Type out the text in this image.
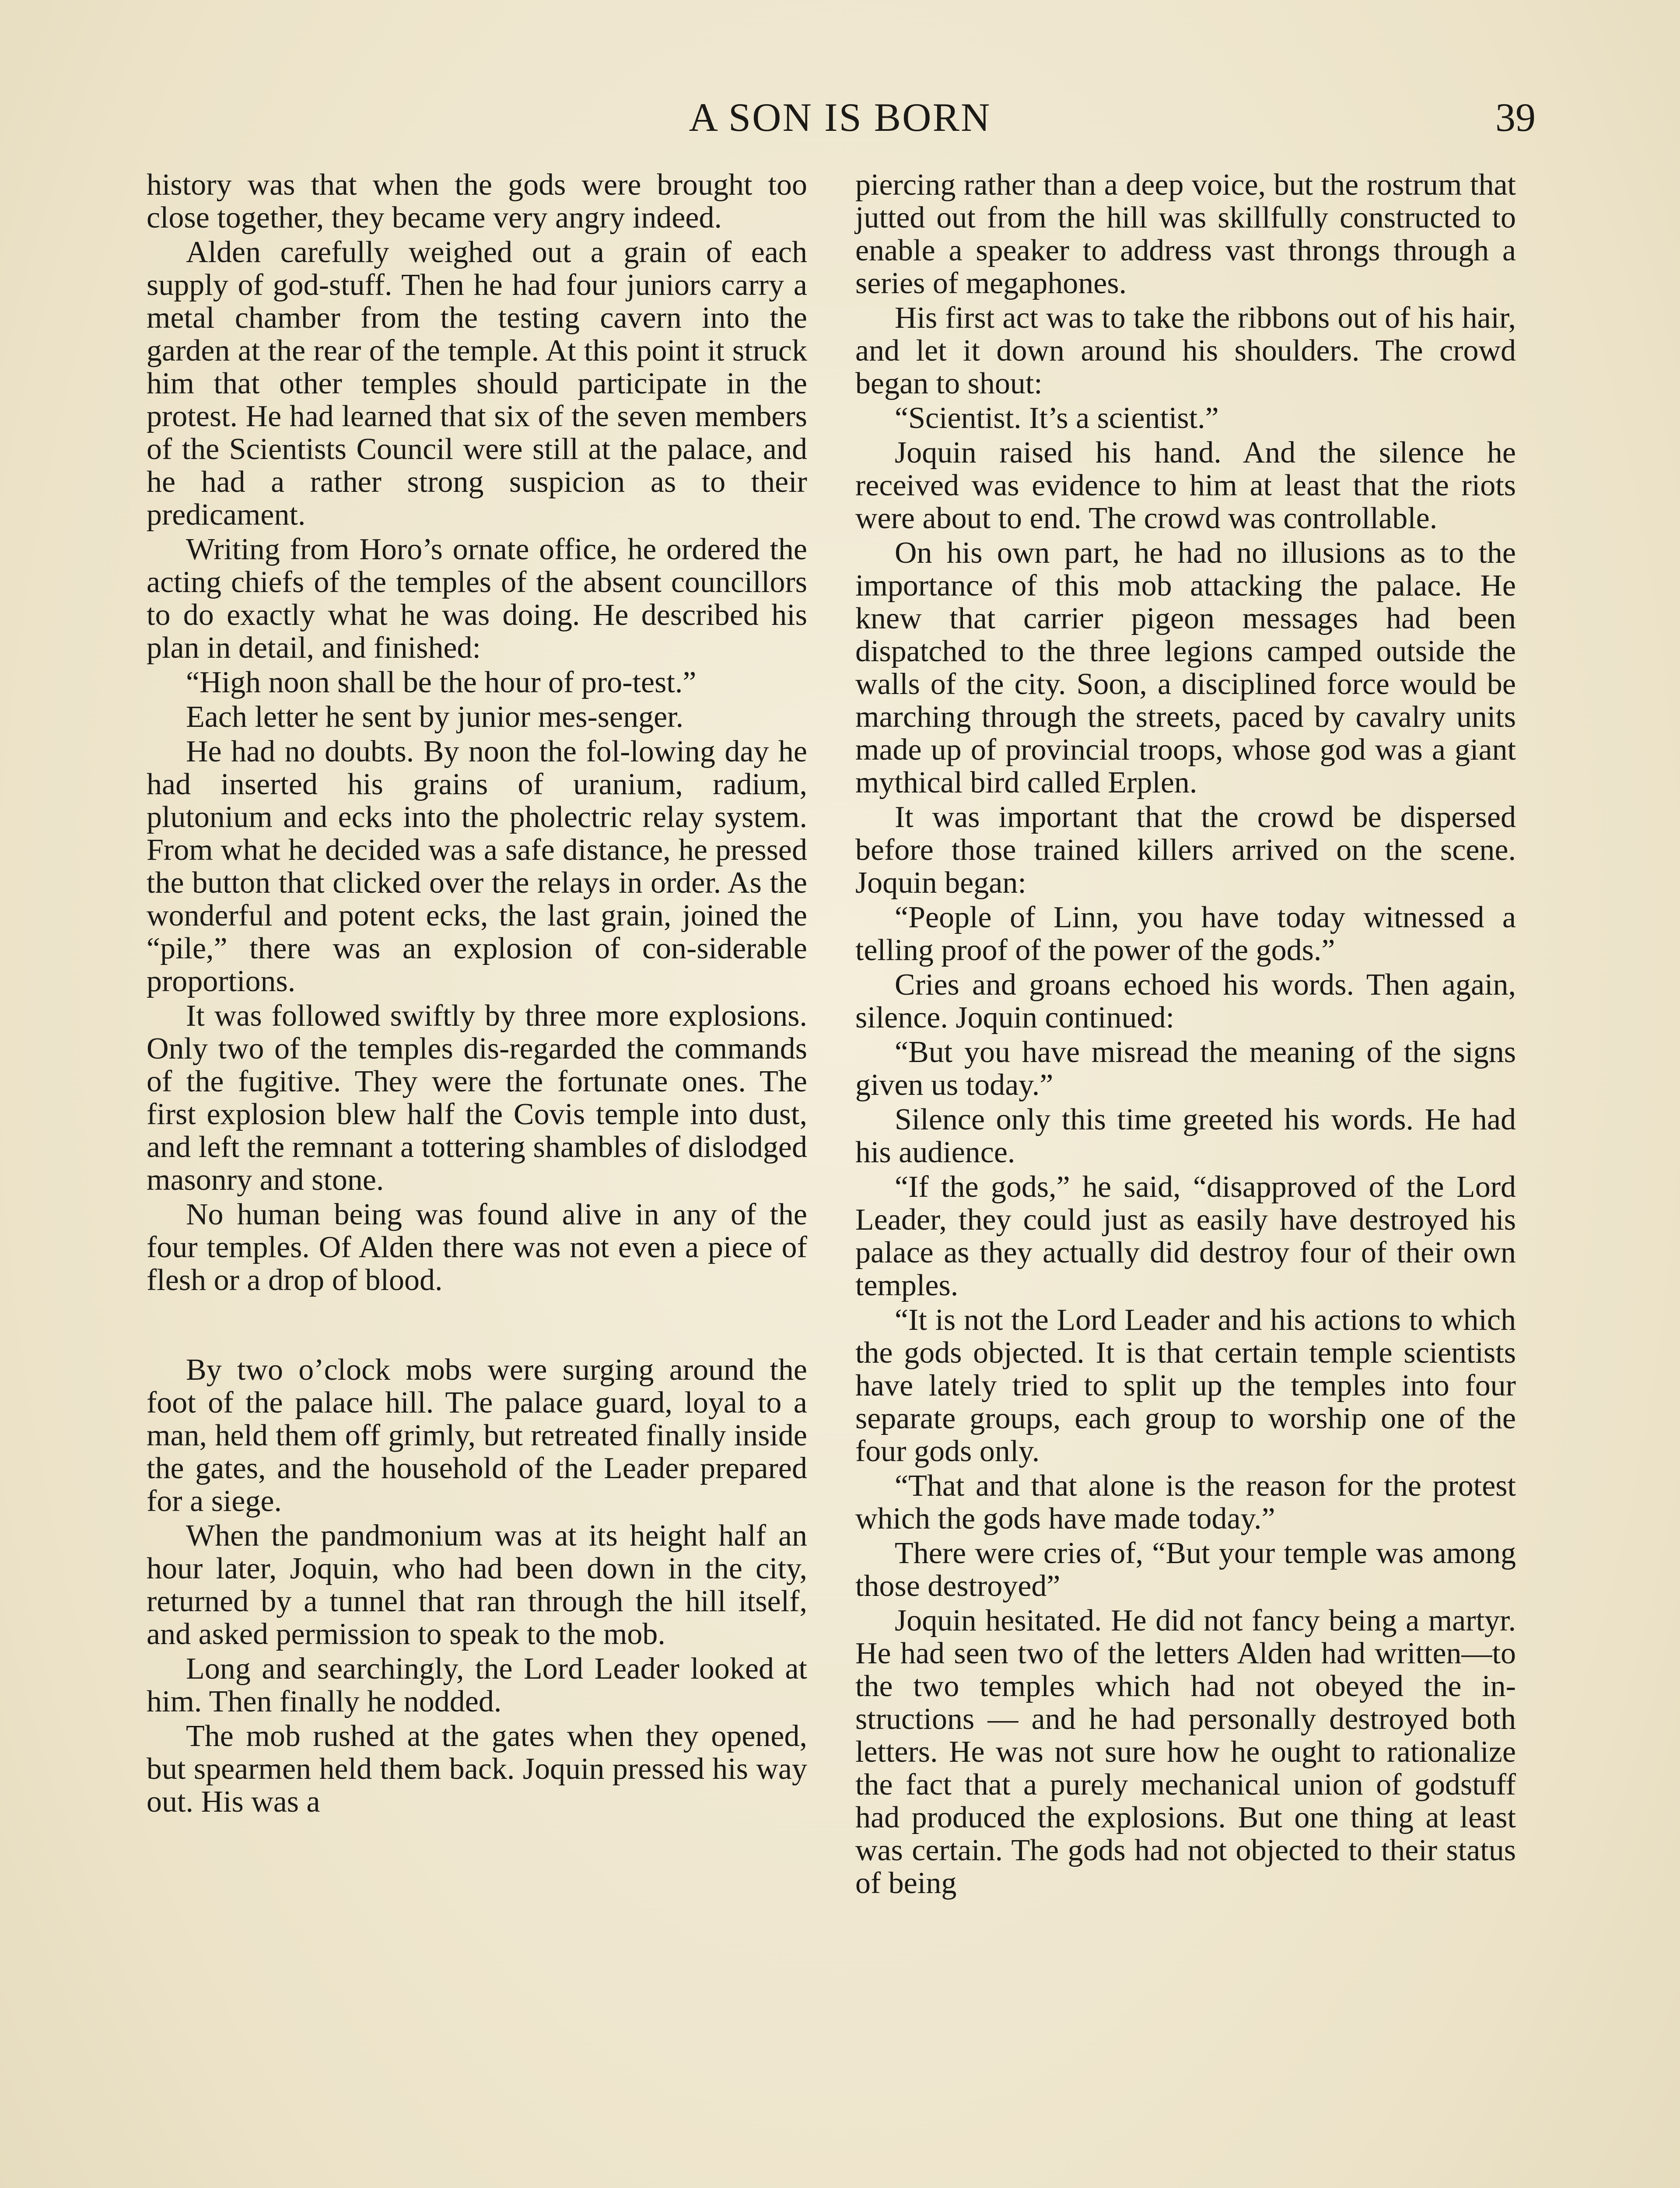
A SON IS BORN	39

history was that when the gods were brought too close together, they became very angry indeed.

Alden carefully weighed out a grain of each supply of god-stuff. Then he had four juniors carry a metal chamber from the testing cavern into the garden at the rear of the temple. At this point it struck him that other temples should participate in the protest. He had learned that six of the seven members of the Scientists Council were still at the palace, and he had a rather strong suspicion as to their predicament.

Writing from Horo’s ornate office, he ordered the acting chiefs of the temples of the absent councillors to do exactly what he was doing. He described his plan in detail, and finished:

“High noon shall be the hour of pro-test.”

Each letter he sent by junior mes-senger.

He had no doubts. By noon the fol-lowing day he had inserted his grains of uranium, radium, plutonium and ecks into the pholectric relay system. From what he decided was a safe distance, he pressed the button that clicked over the relays in order. As the wonderful and potent ecks, the last grain, joined the “pile,” there was an explosion of con-siderable proportions.

It was followed swiftly by three more explosions. Only two of the temples dis-regarded the commands of the fugitive. They were the fortunate ones. The first explosion blew half the Covis temple into dust, and left the remnant a tottering shambles of dislodged masonry and stone.

No human being was found alive in any of the four temples. Of Alden there was not even a piece of flesh or a drop of blood.

By two o’clock mobs were surging around the foot of the palace hill. The palace guard, loyal to a man, held them off grimly, but retreated finally inside the gates, and the household of the Leader prepared for a siege.

When the pandmonium was at its height half an hour later, Joquin, who had been down in the city, returned by a tunnel that ran through the hill itself, and asked permission to speak to the mob.

Long and searchingly, the Lord Leader looked at him. Then finally he nodded.

The mob rushed at the gates when they opened, but spearmen held them back. Joquin pressed his way out. His was a

piercing rather than a deep voice, but the rostrum that jutted out from the hill was skillfully constructed to enable a speaker to address vast throngs through a series of megaphones.

His first act was to take the ribbons out of his hair, and let it down around his shoulders. The crowd began to shout:

“Scientist. It’s a scientist.”

Joquin raised his hand. And the silence he received was evidence to him at least that the riots were about to end. The crowd was controllable.

On his own part, he had no illusions as to the importance of this mob attacking the palace. He knew that carrier pigeon messages had been dispatched to the three legions camped outside the walls of the city. Soon, a disciplined force would be marching through the streets, paced by cavalry units made up of provincial troops, whose god was a giant mythical bird called Erplen.

It was important that the crowd be dispersed before those trained killers arrived on the scene. Joquin began:

“People of Linn, you have today witnessed a telling proof of the power of the gods.”

Cries and groans echoed his words. Then again, silence. Joquin continued:

“But you have misread the meaning of the signs given us today.”

Silence only this time greeted his words. He had his audience.

“If the gods,” he said, “disapproved of the Lord Leader, they could just as easily have destroyed his palace as they actually did destroy four of their own temples.

“It is not the Lord Leader and his actions to which the gods objected. It is that certain temple scientists have lately tried to split up the temples into four separate groups, each group to worship one of the four gods only.

“That and that alone is the reason for the protest which the gods have made today.”

There were cries of, “But your temple was among those destroyed”

Joquin hesitated. He did not fancy being a martyr. He had seen two of the letters Alden had written—to the two temples which had not obeyed the in-structions — and he had personally destroyed both letters. He was not sure how he ought to rationalize the fact that a purely mechanical union of godstuff had produced the explosions. But one thing at least was certain. The gods had not objected to their status of being
